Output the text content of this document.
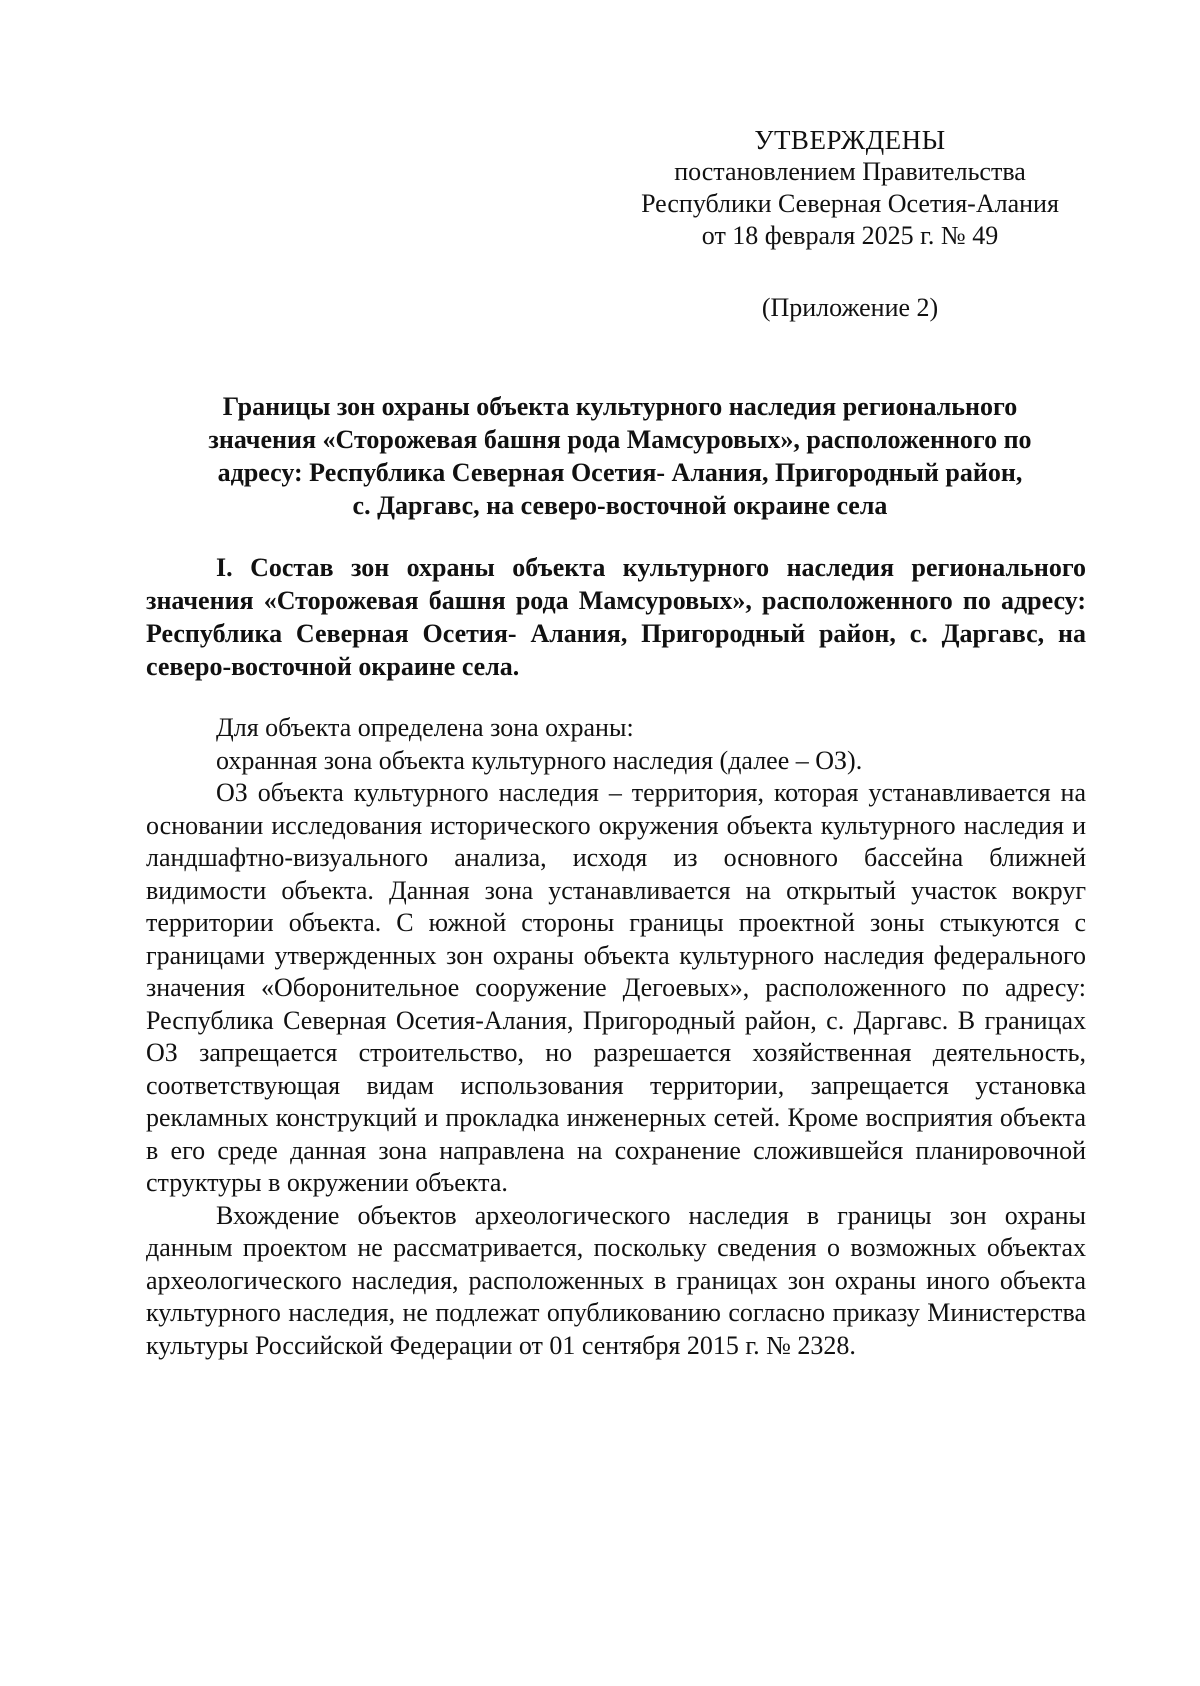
УТВЕРЖДЕНЫ
постановлением Правительства
Республики Северная Осетия-Алания
от 18 февраля 2025 г. № 49
(Приложение 2)
Границы зон охраны объекта культурного наследия регионального
значения «Сторожевая башня рода Мамсуровых», расположенного по
адресу: Республика Северная Осетия- Алания, Пригородный район,
с. Даргавс, на северо-восточной окраине села
I. Состав зон охраны объекта культурного наследия регионального значения «Сторожевая башня рода Мамсуровых», расположенного по адресу: Республика Северная Осетия- Алания, Пригородный район, с. Даргавс, на северо-восточной окраине села.

Для объекта определена зона охраны:

охранная зона объекта культурного наследия (далее – ОЗ).

ОЗ объекта культурного наследия – территория, которая устанавливается на основании исследования исторического окружения объекта культурного наследия и ландшафтно-визуального анализа, исходя из основного бассейна ближней видимости объекта. Данная зона устанавливается на открытый участок вокруг территории объекта. С южной стороны границы проектной зоны стыкуются с границами утвержденных зон охраны объекта культурного наследия федерального значения «Оборонительное сооружение Дегоевых», расположенного по адресу: Республика Северная Осетия-Алания, Пригородный район, с. Даргавс. В границах ОЗ запрещается строительство, но разрешается хозяйственная деятельность, соответствующая видам использования территории, запрещается установка рекламных конструкций и прокладка инженерных сетей. Кроме восприятия объекта в его среде данная зона направлена на сохранение сложившейся планировочной структуры в окружении объекта.

Вхождение объектов археологического наследия в границы зон охраны данным проектом не рассматривается, поскольку сведения о возможных объектах археологического наследия, расположенных в границах зон охраны иного объекта культурного наследия, не подлежат опубликованию согласно приказу Министерства культуры Российской Федерации от 01 сентября 2015 г. № 2328.
